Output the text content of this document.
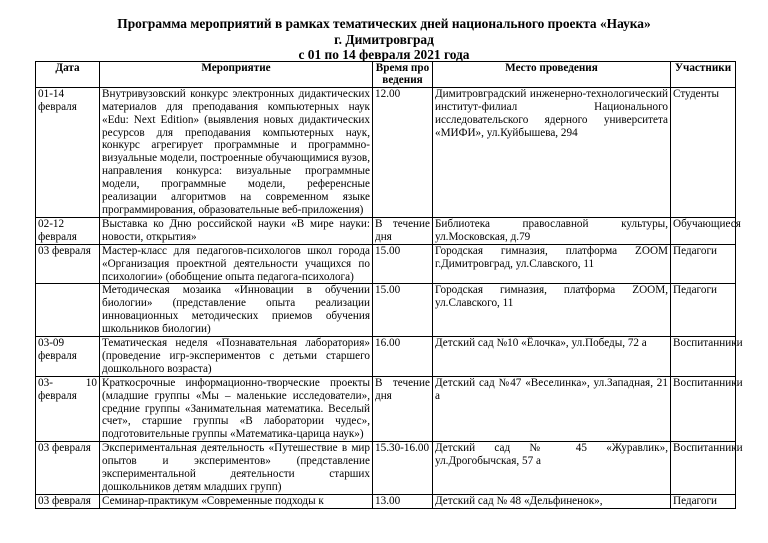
Программа мероприятий в рамках тематических дней национального проекта «Наука»
г. Димитровград
с 01 по 14 февраля 2021 года
Дата	Мероприятие	Время проведения	Место проведения	Участники
01-14 февраля	Внутривузовский конкурс электронных дидактических материалов для преподавания компьютерных наук «Edu: Next Edition» (выявления новых дидактических ресурсов для преподавания компьютерных наук, конкурс агрегирует программные и программно-визуальные модели, построенные обучающимися вузов, направления конкурса: визуальные программные модели, программные модели, референсные реализации алгоритмов на современном языке программирования, образовательные веб-приложения)	12.00	Димитровградский инженерно-технологический институт-филиал Национального исследовательского ядерного университета «МИФИ», ул.Куйбышева, 294	Студенты
02-12 февраля	Выставка ко Дню российской науки «В мире науки: новости, открытия»	В течение дня	Библиотека православной культуры, ул.Московская, д.79	Обучающиеся
03 февраля	Мастер-класс для педагогов-психологов школ города «Организация проектной деятельности учащихся по психологии» (обобщение опыта педагога-психолога)	15.00	Городская гимназия, платформа ZOOM г.Димитровград, ул.Славского, 11	Педагоги
	Методическая мозаика «Инновации в обучении биологии» (представление опыта реализации инновационных методических приемов обучения школьников биологии)	15.00	Городская гимназия, платформа ZOOM, ул.Славского, 11	Педагоги
03-09 февраля	Тематическая неделя «Познавательная лаборатория» (проведение игр-экспериментов с детьми старшего дошкольного возраста)	16.00	Детский сад №10 «Ёлочка», ул.Победы, 72 а	Воспитанники
03- 10 февраля	Краткосрочные информационно-творческие проекты (младшие группы «Мы – маленькие исследователи», средние группы «Занимательная математика. Веселый счет», старшие группы «В лаборатории чудес», подготовительные группы «Математика-царица наук»)	В течение дня	Детский сад №47 «Веселинка», ул.Западная, 21 а	Воспитанники
03 февраля	Экспериментальная деятельность «Путешествие в мир опытов и экспериментов» (представление экспериментальной деятельности старших дошкольников детям младших групп)	15.30-16.00	Детский сад № 45 «Журавлик», ул.Дрогобычская, 57 а	Воспитанники
03 февраля	Семинар-практикум «Современные подходы к	13.00	Детский сад № 48 «Дельфиненок»,	Педагоги
